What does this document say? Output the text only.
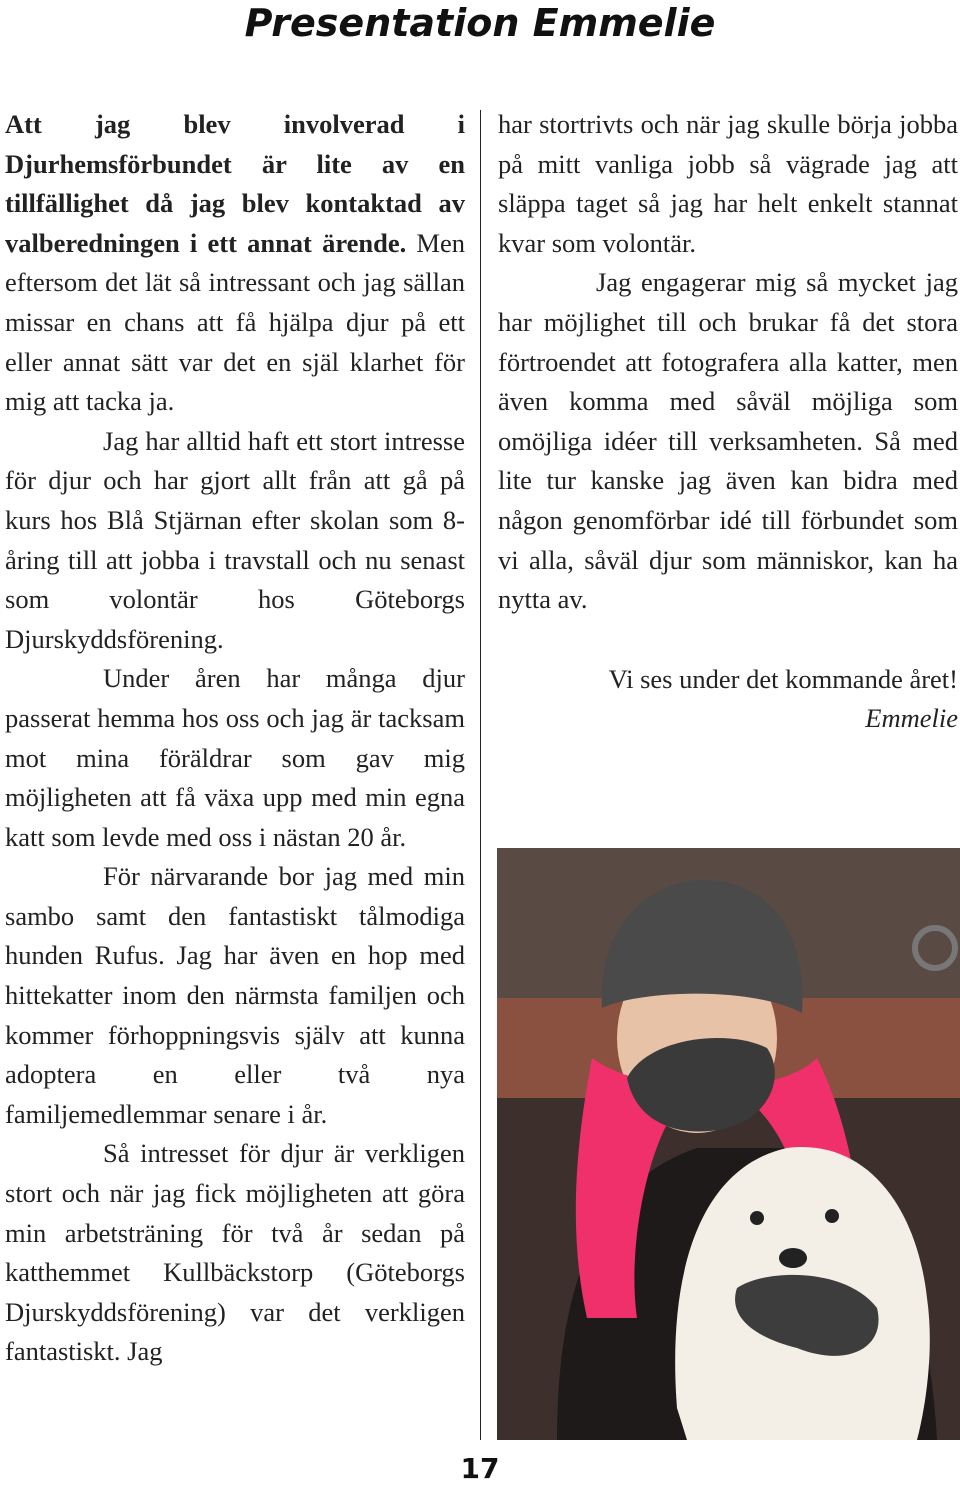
Presentation Emmelie

Att jag blev involverad i Djurhemsförbundet är lite av en tillfällighet då jag blev kontaktad av valberedningen i ett annat ärende. Men eftersom det lät så intressant och jag sällan missar en chans att få hjälpa djur på ett eller annat sätt var det en själ klarhet för mig att tacka ja.

Jag har alltid haft ett stort intresse för djur och har gjort allt från att gå på kurs hos Blå Stjärnan efter skolan som 8-åring till att jobba i travstall och nu senast som volontär hos Göteborgs Djurskyddsförening.

Under åren har många djur passerat hemma hos oss och jag är tacksam mot mina föräldrar som gav mig möjligheten att få växa upp med min egna katt som levde med oss i nästan 20 år.

För närvarande bor jag med min sambo samt den fantastiskt tålmodiga hunden Rufus. Jag har även en hop med hittekatter inom den närmsta familjen och kommer förhoppningsvis själv att kunna adoptera en eller två nya familjemedlemmar senare i år.

Så intresset för djur är verkligen stort och när jag fick möjligheten att göra min arbetsträning för två år sedan på katthemmet Kullbäckstorp (Göteborgs Djurskyddsförening) var det verkligen fantastiskt. Jag

har stortrivts och när jag skulle börja jobba på mitt vanliga jobb så vägrade jag att släppa taget så jag har helt enkelt stannat kvar som volontär.

Jag engagerar mig så mycket jag har möjlighet till och brukar få det stora förtroendet att fotografera alla katter, men även komma med såväl möjliga som omöjliga idéer till verksamheten. Så med lite tur kanske jag även kan bidra med någon genomförbar idé till förbundet som vi alla, såväl djur som människor, kan ha nytta av.

Vi ses under det kommande året!

Emmelie

17
